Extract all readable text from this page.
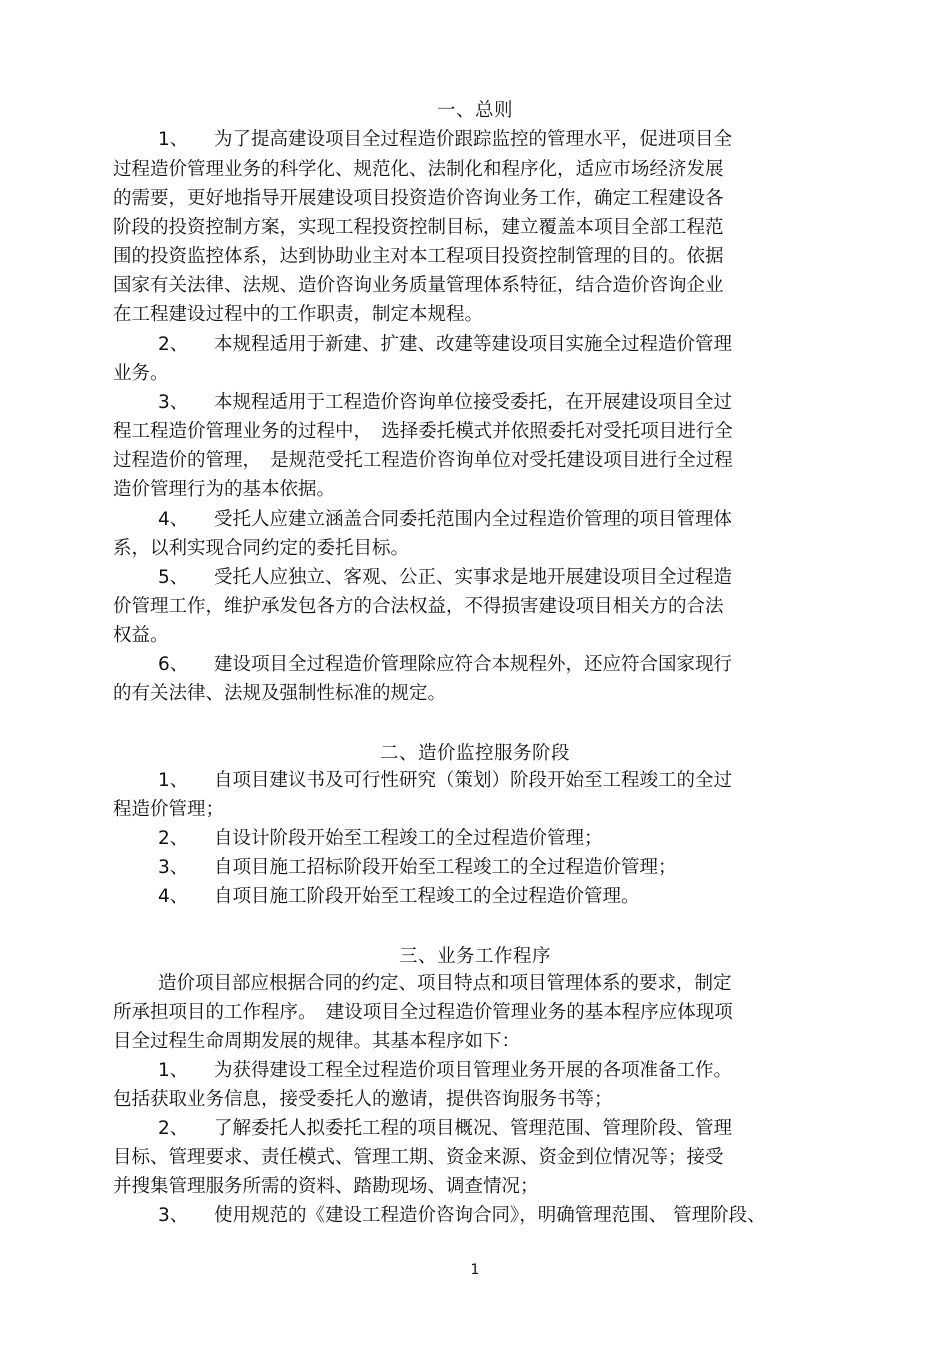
一、总则
1、 为了提高建设项目全过程造价跟踪监控的管理水平，促进项目全
过程造价管理业务的科学化、规范化、法制化和程序化，适应市场经济发展
的需要，更好地指导开展建设项目投资造价咨询业务工作，确定工程建设各
阶段的投资控制方案，实现工程投资控制目标，建立覆盖本项目全部工程范
围的投资监控体系，达到协助业主对本工程项目投资控制管理的目的。依据
国家有关法律、法规、造价咨询业务质量管理体系特征，结合造价咨询企业
在工程建设过程中的工作职责，制定本规程。
2、 本规程适用于新建、扩建、改建等建设项目实施全过程造价管理
业务。
3、 本规程适用于工程造价咨询单位接受委托，在开展建设项目全过
程工程造价管理业务的过程中，　选择委托模式并依照委托对受托项目进行全
过程造价的管理，　是规范受托工程造价咨询单位对受托建设项目进行全过程
造价管理行为的基本依据。
4、 受托人应建立涵盖合同委托范围内全过程造价管理的项目管理体
系，以利实现合同约定的委托目标。
5、 受托人应独立、客观、公正、实事求是地开展建设项目全过程造
价管理工作，维护承发包各方的合法权益，不得损害建设项目相关方的合法
权益。
6、 建设项目全过程造价管理除应符合本规程外，还应符合国家现行
的有关法律、法规及强制性标准的规定。
二、造价监控服务阶段
1、 自项目建议书及可行性研究（策划）阶段开始至工程竣工的全过
程造价管理；
2、 自设计阶段开始至工程竣工的全过程造价管理；
3、 自项目施工招标阶段开始至工程竣工的全过程造价管理；
4、 自项目施工阶段开始至工程竣工的全过程造价管理。
三、业务工作程序
造价项目部应根据合同的约定、项目特点和项目管理体系的要求，制定
所承担项目的工作程序。　建设项目全过程造价管理业务的基本程序应体现项
目全过程生命周期发展的规律。其基本程序如下：
1、 为获得建设工程全过程造价项目管理业务开展的各项准备工作。
包括获取业务信息，接受委托人的邀请，提供咨询服务书等；
2、 了解委托人拟委托工程的项目概况、管理范围、管理阶段、管理
目标、管理要求、责任模式、管理工期、资金来源、资金到位情况等；接受
并搜集管理服务所需的资料、踏勘现场、调查情况；
3、 使用规范的《建设工程造价咨询合同》，明确管理范围、 管理阶段、
1
